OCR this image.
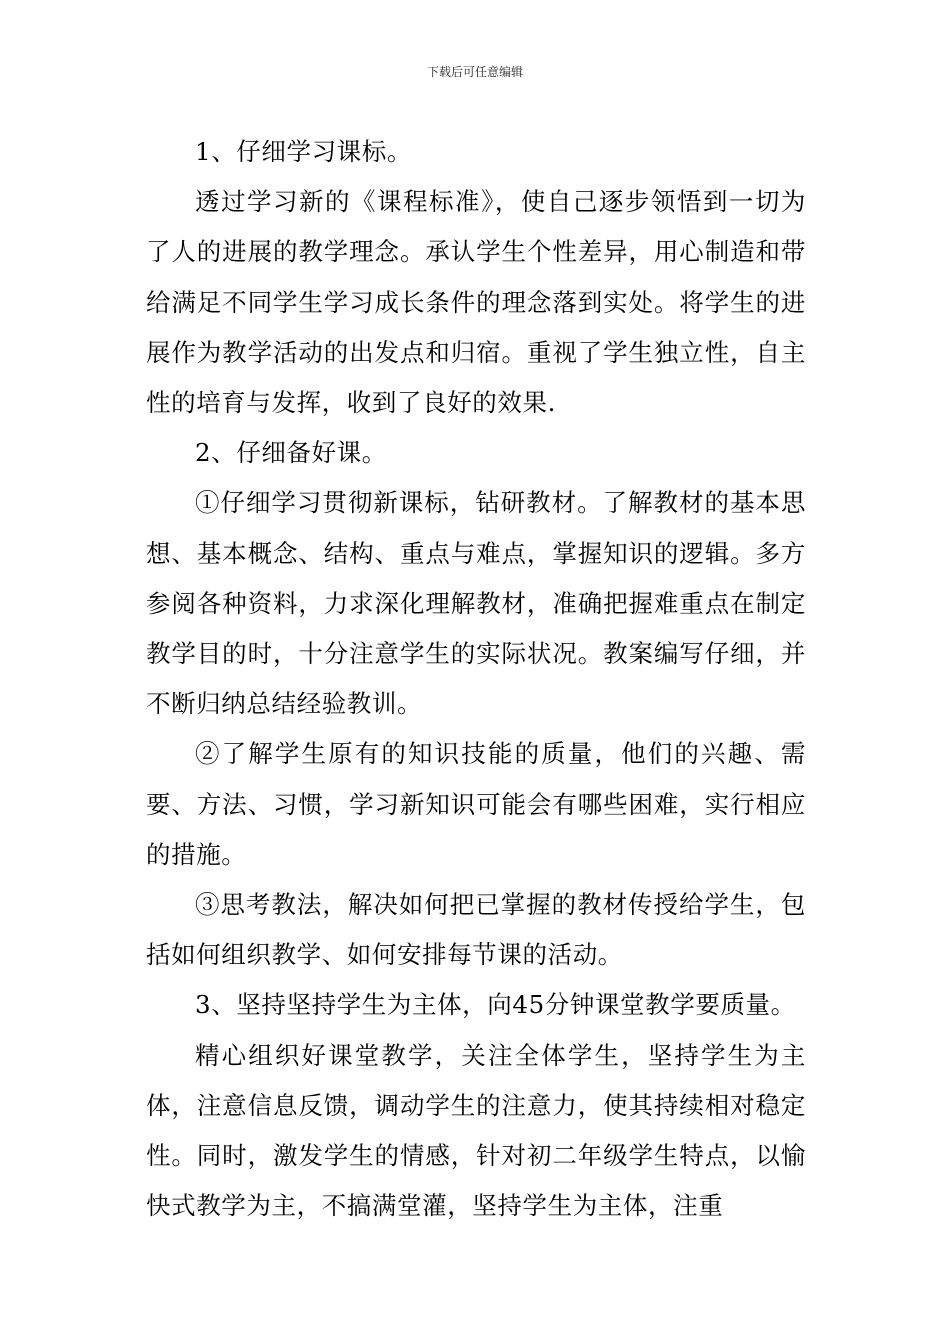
下载后可任意编辑

1、仔细学习课标。

透过学习新的《课程标准》，使自己逐步领悟到一切为了人的进展的教学理念。承认学生个性差异，用心制造和带给满足不同学生学习成长条件的理念落到实处。将学生的进展作为教学活动的出发点和归宿。重视了学生独立性，自主性的培育与发挥，收到了良好的效果.

2、仔细备好课。

①仔细学习贯彻新课标，钻研教材。了解教材的基本思想、基本概念、结构、重点与难点，掌握知识的逻辑。多方参阅各种资料，力求深化理解教材，准确把握难重点在制定教学目的时，十分注意学生的实际状况。教案编写仔细，并不断归纳总结经验教训。

②了解学生原有的知识技能的质量，他们的兴趣、需要、方法、习惯，学习新知识可能会有哪些困难，实行相应的措施。

③思考教法，解决如何把已掌握的教材传授给学生，包括如何组织教学、如何安排每节课的活动。

3、坚持坚持学生为主体，向45分钟课堂教学要质量。

精心组织好课堂教学，关注全体学生，坚持学生为主体，注意信息反馈，调动学生的注意力，使其持续相对稳定性。同时，激发学生的情感，针对初二年级学生特点，以愉快式教学为主，不搞满堂灌，坚持学生为主体，注重
